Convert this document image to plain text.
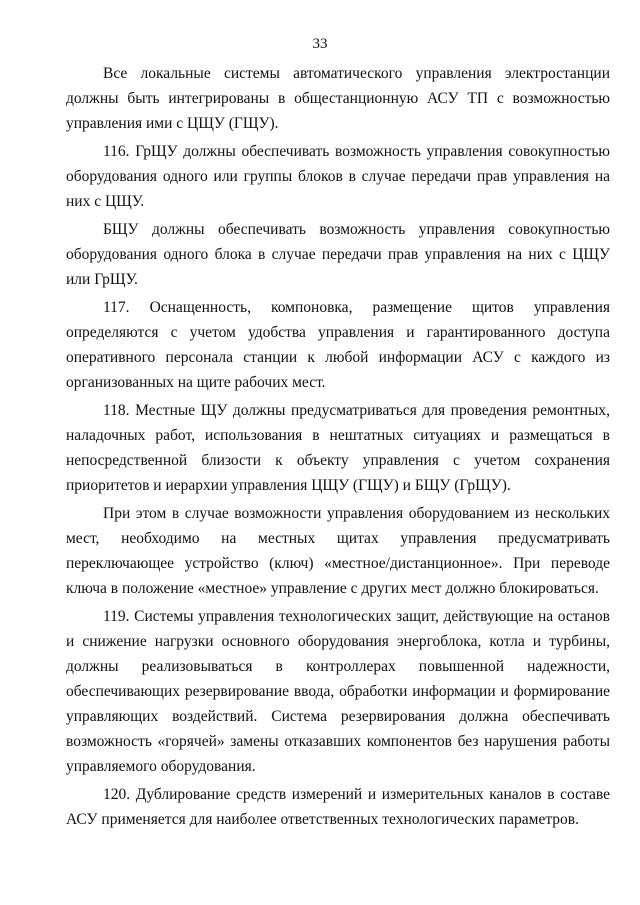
33

Все локальные системы автоматического управления электростанции должны быть интегрированы в общестанционную АСУ ТП с возможностью управления ими с ЦЩУ (ГЩУ).

116. ГрЩУ должны обеспечивать возможность управления совокупностью оборудования одного или группы блоков в случае передачи прав управления на них с ЦЩУ.

БЩУ должны обеспечивать возможность управления совокупностью оборудования одного блока в случае передачи прав управления на них с ЦЩУ или ГрЩУ.

117. Оснащенность, компоновка, размещение щитов управления определяются с учетом удобства управления и гарантированного доступа оперативного персонала станции к любой информации АСУ с каждого из организованных на щите рабочих мест.

118. Местные ЩУ должны предусматриваться для проведения ремонтных, наладочных работ, использования в нештатных ситуациях и размещаться в непосредственной близости к объекту управления с учетом сохранения приоритетов и иерархии управления ЦЩУ (ГЩУ) и БЩУ (ГрЩУ).

При этом в случае возможности управления оборудованием из нескольких мест, необходимо на местных щитах управления предусматривать переключающее устройство (ключ) «местное/дистанционное». При переводе ключа в положение «местное» управление с других мест должно блокироваться.

119. Системы управления технологических защит, действующие на останов и снижение нагрузки основного оборудования энергоблока, котла и турбины, должны реализовываться в контроллерах повышенной надежности, обеспечивающих резервирование ввода, обработки информации и формирование управляющих воздействий. Система резервирования должна обеспечивать возможность «горячей» замены отказавших компонентов без нарушения работы управляемого оборудования.

120. Дублирование средств измерений и измерительных каналов в составе АСУ применяется для наиболее ответственных технологических параметров.
